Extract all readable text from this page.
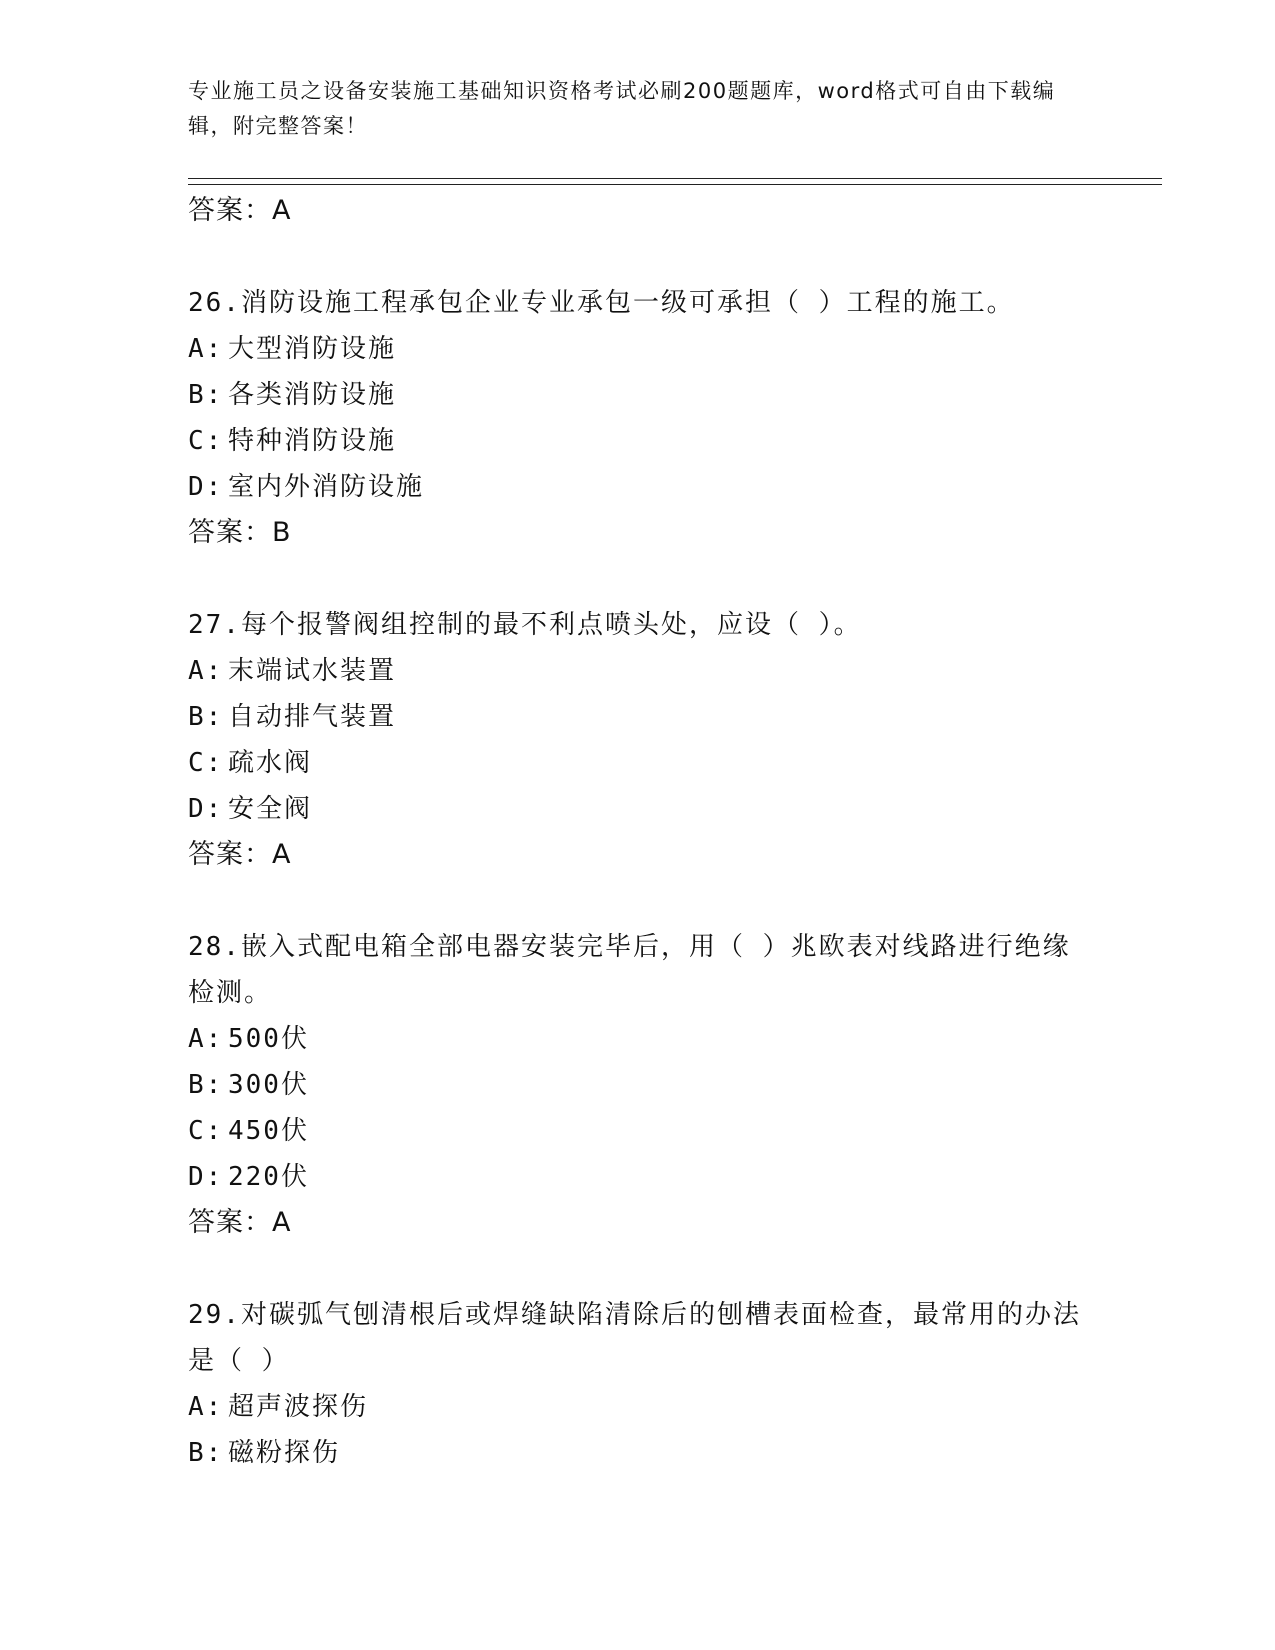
专业施工员之设备安装施工基础知识资格考试必刷200题题库，word格式可自由下载编辑，附完整答案！
答案：A
26.消防设施工程承包企业专业承包一级可承担（ ）工程的施工。
A: 大型消防设施
B: 各类消防设施
C: 特种消防设施
D: 室内外消防设施
答案：B
27.每个报警阀组控制的最不利点喷头处，应设（ ）。
A: 末端试水装置
B: 自动排气装置
C: 疏水阀
D: 安全阀
答案：A
28.嵌入式配电箱全部电器安装完毕后，用（ ）兆欧表对线路进行绝缘检测。
A: 500伏
B: 300伏
C: 450伏
D: 220伏
答案：A
29.对碳弧气刨清根后或焊缝缺陷清除后的刨槽表面检查，最常用的办法是（ ）
A: 超声波探伤
B: 磁粉探伤
